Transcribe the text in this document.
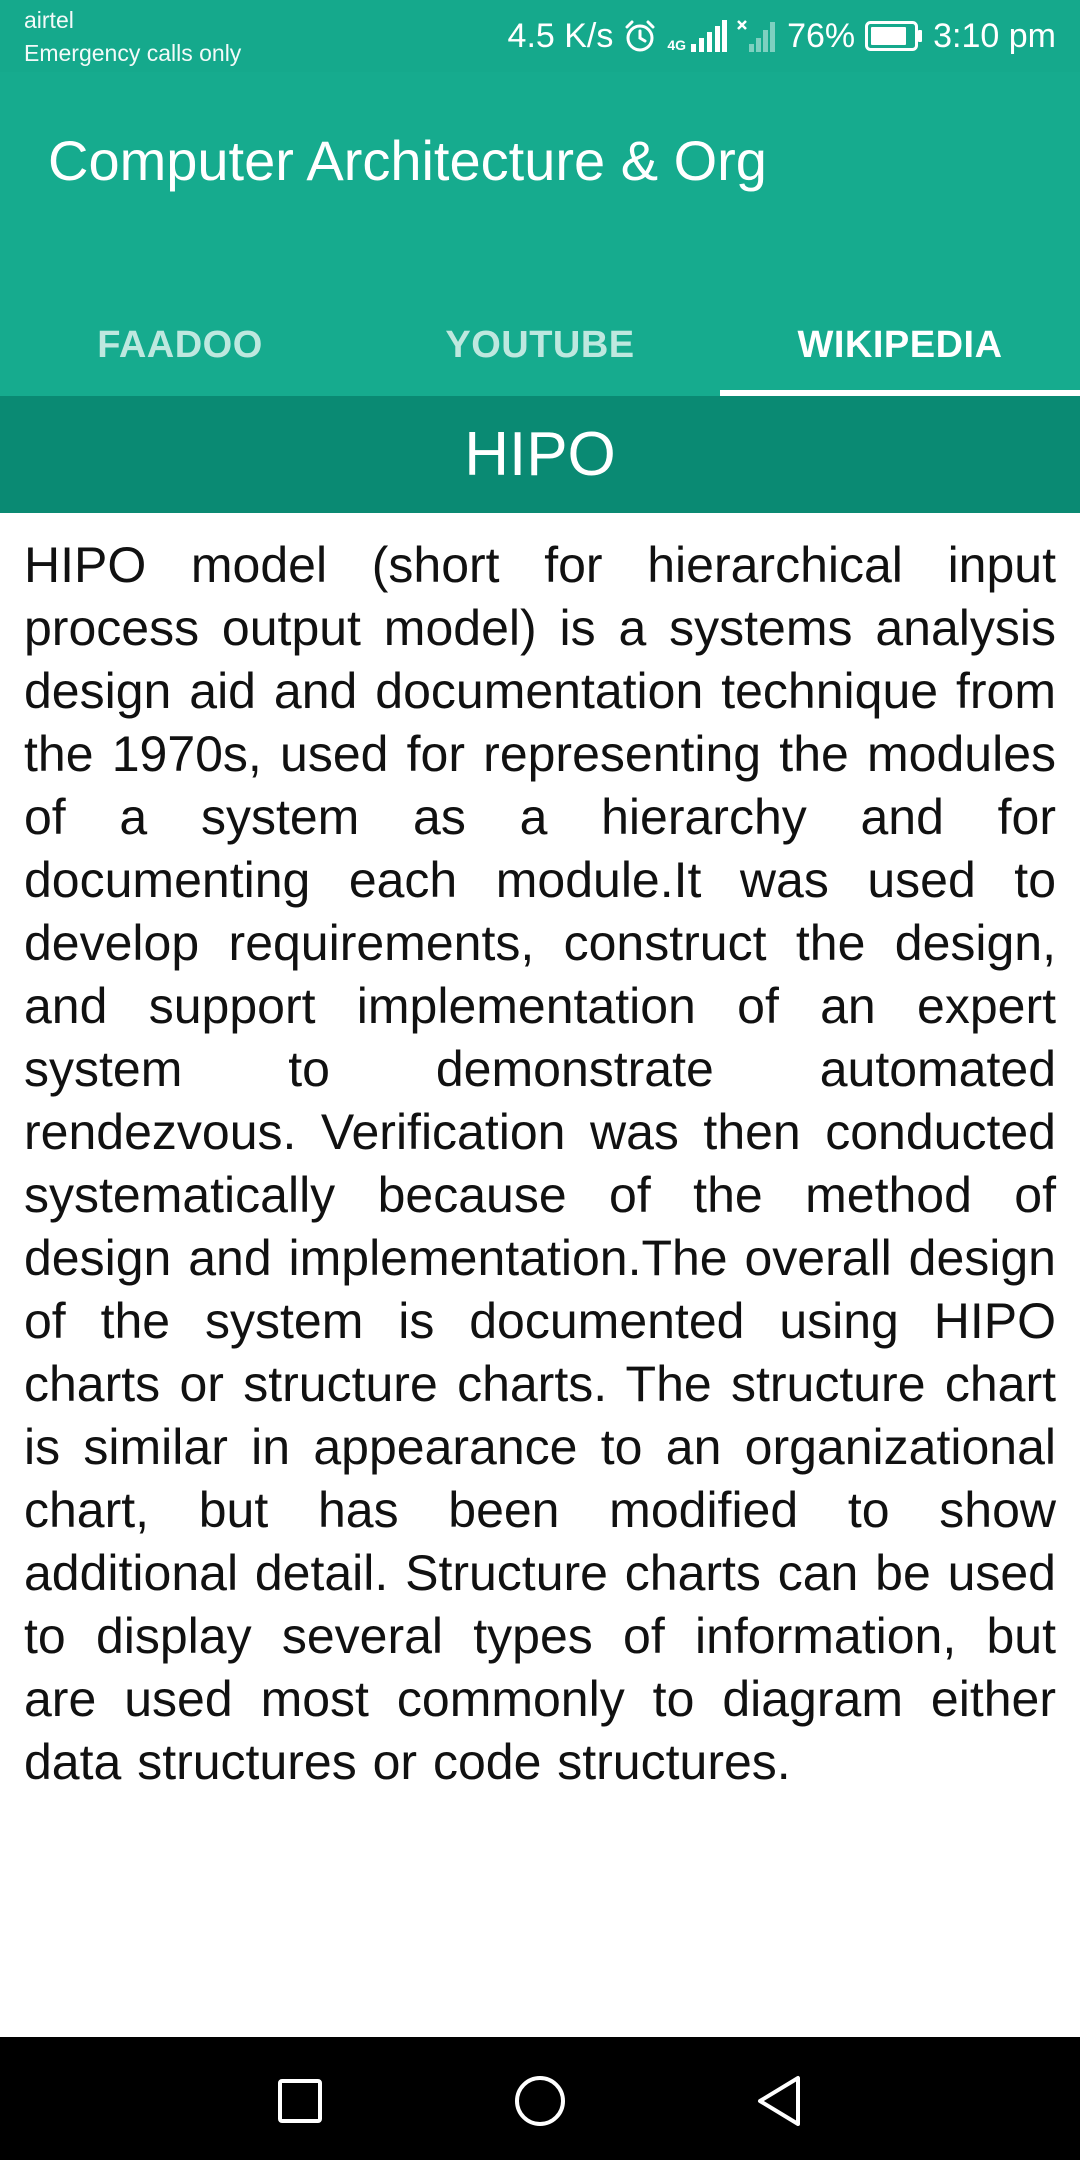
airtel
Emergency calls only	4.5 K/s	4G	76% 3:10 pm
Computer Architecture & Org
FAADOO	YOUTUBE	WIKIPEDIA
HIPO

HIPO model (short for hierarchical input process output model) is a systems analysis design aid and documentation technique from the 1970s, used for representing the modules of a system as a hierarchy and for documenting each module.It was used to develop requirements, construct the design, and support implementation of an expert system to demonstrate automated rendezvous. Verification was then conducted systematically because of the method of design and implementation.The overall design of the system is documented using HIPO charts or structure charts. The structure chart is similar in appearance to an organizational chart, but has been modified to show additional detail. Structure charts can be used to display several types of information, but are used most commonly to diagram either data structures or code structures.
